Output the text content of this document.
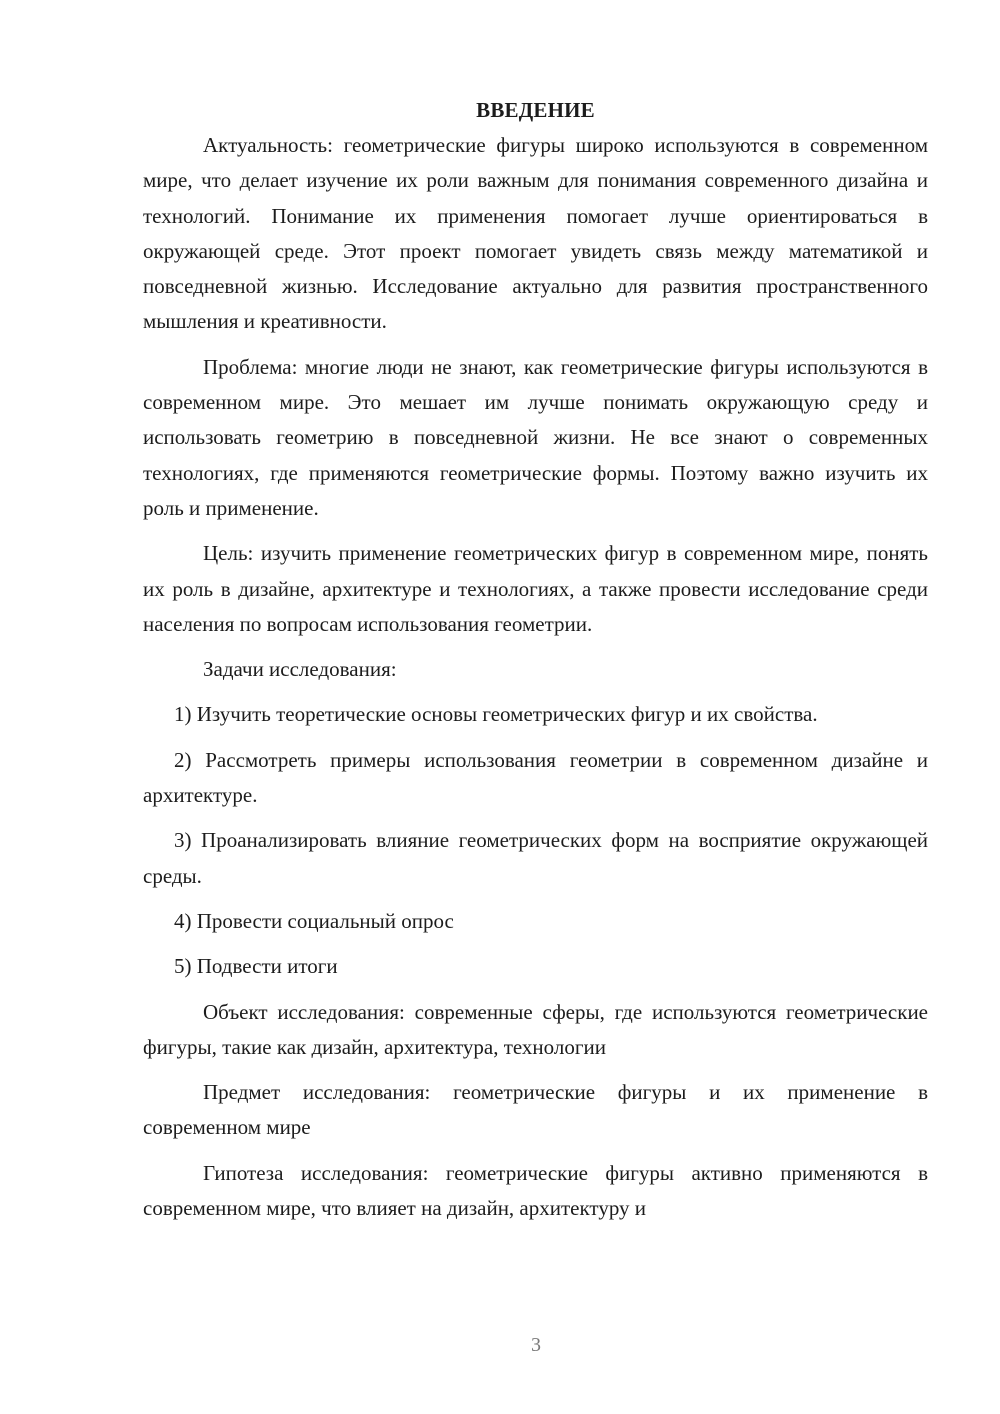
ВВЕДЕНИЕ

Актуальность: геометрические фигуры широко используются в современном мире, что делает изучение их роли важным для понимания современного дизайна и технологий. Понимание их применения помогает лучше ориентироваться в окружающей среде. Этот проект помогает увидеть связь между математикой и повседневной жизнью. Исследование актуально для развития пространственного мышления и креативности.

Проблема: многие люди не знают, как геометрические фигуры используются в современном мире. Это мешает им лучше понимать окружающую среду и использовать геометрию в повседневной жизни. Не все знают о современных технологиях, где применяются геометрические формы. Поэтому важно изучить их роль и применение.

Цель: изучить применение геометрических фигур в современном мире, понять их роль в дизайне, архитектуре и технологиях, а также провести исследование среди населения по вопросам использования геометрии.

Задачи исследования:

1) Изучить теоретические основы геометрических фигур и их свойства.

2) Рассмотреть примеры использования геометрии в современном дизайне и архитектуре.

3) Проанализировать влияние геометрических форм на восприятие окружающей среды.

4) Провести социальный опрос

5) Подвести итоги

Объект исследования: современные сферы, где используются геометрические фигуры, такие как дизайн, архитектура, технологии

Предмет исследования: геометрические фигуры и их применение в современном мире

Гипотеза исследования: геометрические фигуры активно применяются в современном мире, что влияет на дизайн, архитектуру и

3
